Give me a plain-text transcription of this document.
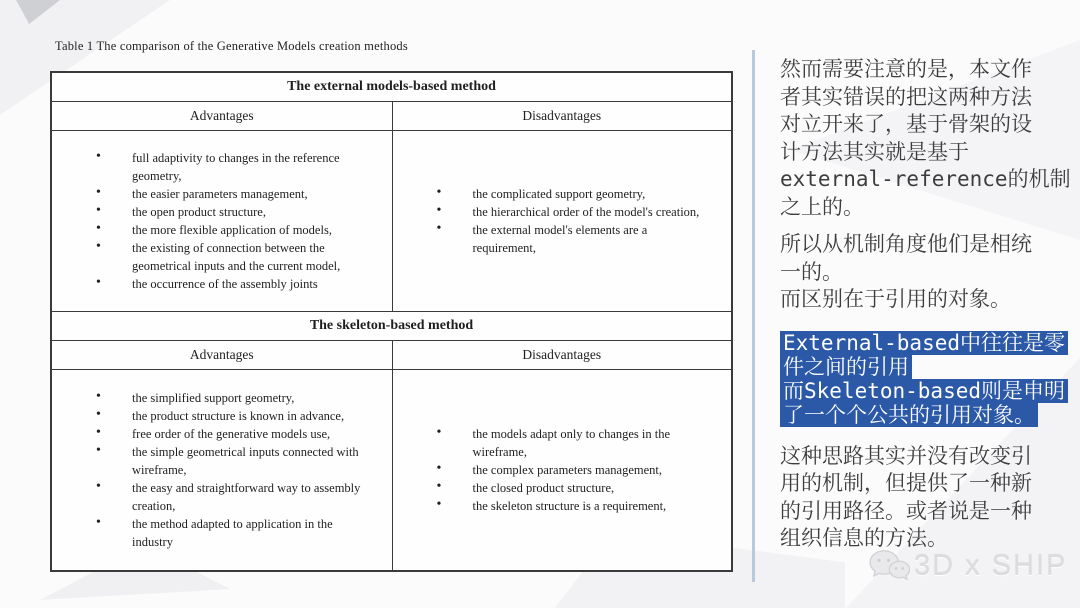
Table 1 The comparison of the Generative Models creation methods
The external models-based method
Advantages	Disadvantages
• full adaptivity to changes in the reference geometry,
• the easier parameters management,
• the open product structure,
• the more flexible application of models,
• the existing of connection between the geometrical inputs and the current model,
• the occurrence of the assembly joints
• the complicated support geometry,
• the hierarchical order of the model's creation,
• the external model's elements are a requirement,
The skeleton-based method
Advantages	Disadvantages
• the simplified support geometry,
• the product structure is known in advance,
• free order of the generative models use,
• the simple geometrical inputs connected with wireframe,
• the easy and straightforward way to assembly creation,
• the method adapted to application in the industry
• the models adapt only to changes in the wireframe,
• the complex parameters management,
• the closed product structure,
• the skeleton structure is a requirement,
然而需要注意的是，本文作
者其实错误的把这两种方法
对立开来了，基于骨架的设
计方法其实就是基于
external-reference的机制
之上的。
所以从机制角度他们是相统
一的。
而区别在于引用的对象。
External-based中往往是零
件之间的引用
而Skeleton-based则是申明
了一个个公共的引用对象。
这种思路其实并没有改变引
用的机制，但提供了一种新
的引用路径。或者说是一种
组织信息的方法。
3D x SHIP
